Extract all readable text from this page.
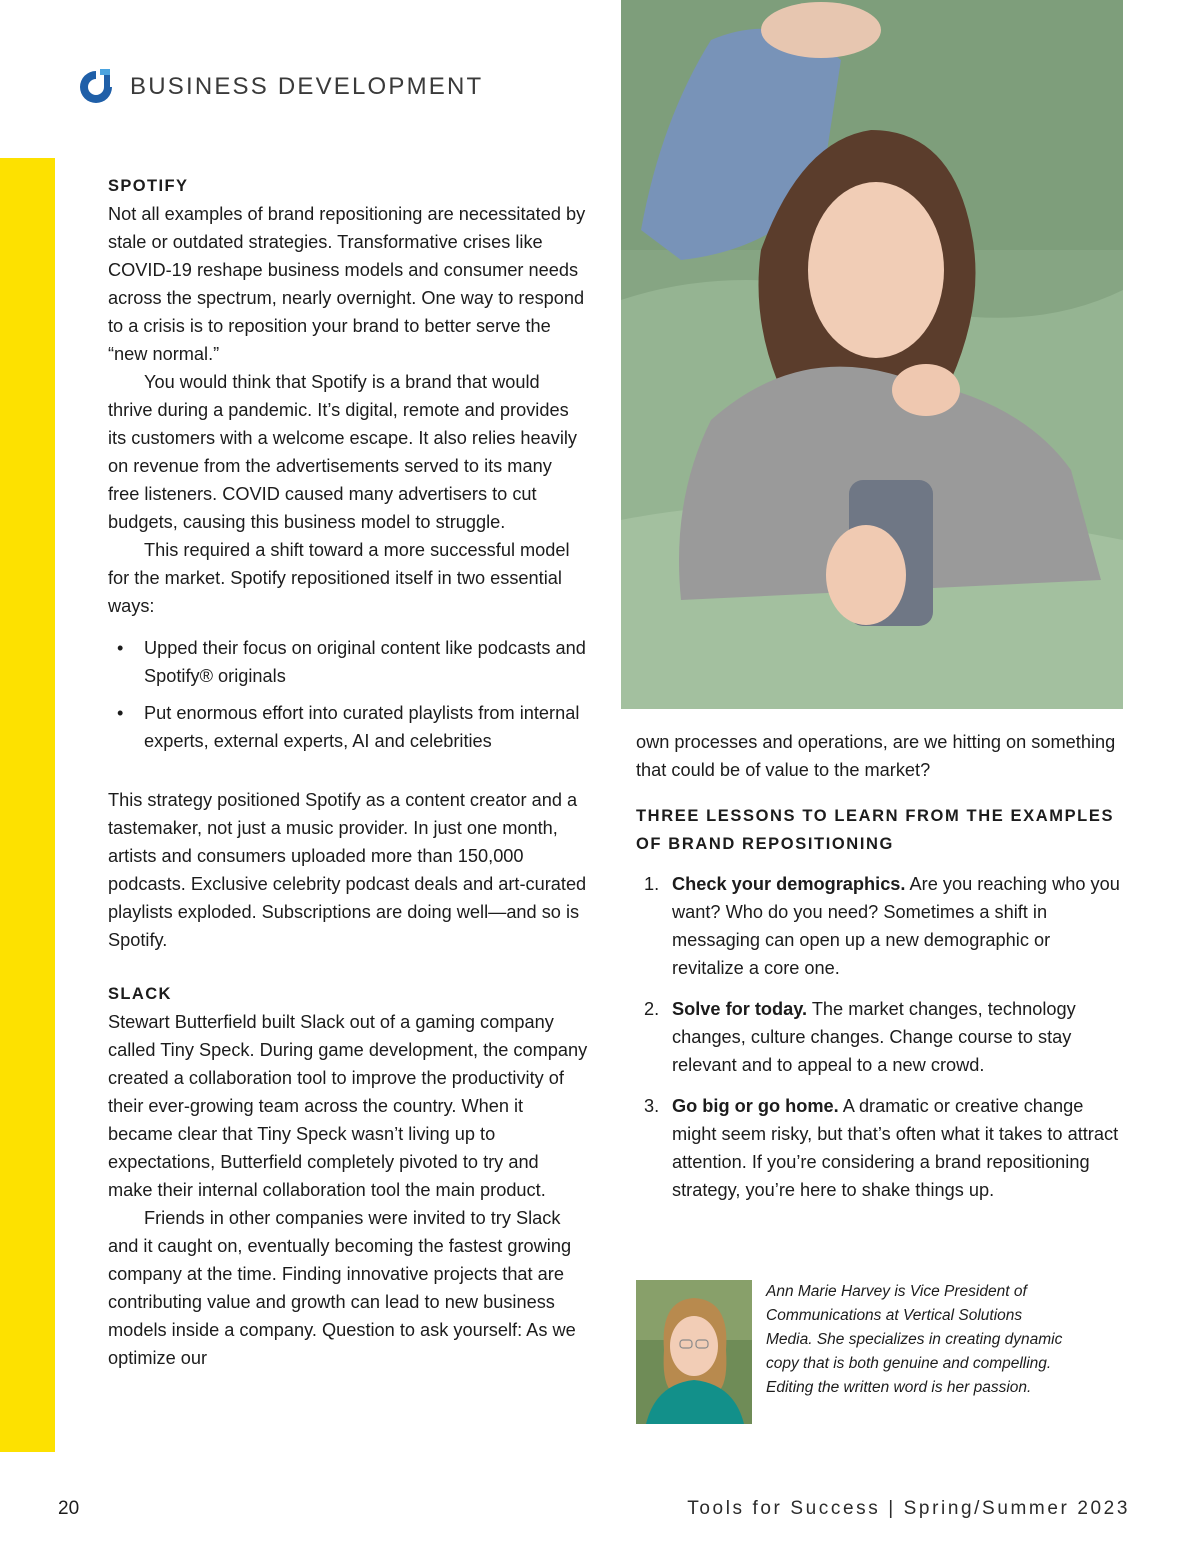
BUSINESS DEVELOPMENT

SPOTIFY

Not all examples of brand repositioning are necessitated by stale or outdated strategies. Transformative crises like COVID-19 reshape business models and consumer needs across the spectrum, nearly overnight. One way to respond to a crisis is to reposition your brand to better serve the “new normal.”

You would think that Spotify is a brand that would thrive during a pandemic. It’s digital, remote and provides its customers with a welcome escape. It also relies heavily on revenue from the advertisements served to its many free listeners. COVID caused many advertisers to cut budgets, causing this business model to struggle.

This required a shift toward a more successful model for the market. Spotify repositioned itself in two essential ways:

• Upped their focus on original content like podcasts and Spotify® originals
• Put enormous effort into curated playlists from internal experts, external experts, AI and celebrities

This strategy positioned Spotify as a content creator and a tastemaker, not just a music provider. In just one month, artists and consumers uploaded more than 150,000 podcasts. Exclusive celebrity podcast deals and art-curated playlists exploded. Subscriptions are doing well—and so is Spotify.

SLACK

Stewart Butterfield built Slack out of a gaming company called Tiny Speck. During game development, the company created a collaboration tool to improve the productivity of their ever-growing team across the country. When it became clear that Tiny Speck wasn’t living up to expectations, Butterfield completely pivoted to try and make their internal collaboration tool the main product.

Friends in other companies were invited to try Slack and it caught on, eventually becoming the fastest growing company at the time. Finding innovative projects that are contributing value and growth can lead to new business models inside a company. Question to ask yourself: As we optimize our

own processes and operations, are we hitting on something that could be of value to the market?

THREE LESSONS TO LEARN FROM THE EXAMPLES OF BRAND REPOSITIONING

1. Check your demographics. Are you reaching who you want? Who do you need? Sometimes a shift in messaging can open up a new demographic or revitalize a core one.
2. Solve for today. The market changes, technology changes, culture changes. Change course to stay relevant and to appeal to a new crowd.
3. Go big or go home. A dramatic or creative change might seem risky, but that’s often what it takes to attract attention. If you’re considering a brand repositioning strategy, you’re here to shake things up.

Ann Marie Harvey is Vice President of Communications at Vertical Solutions Media. She specializes in creating dynamic copy that is both genuine and compelling. Editing the written word is her passion.

20	Tools for Success | Spring/Summer 2023
